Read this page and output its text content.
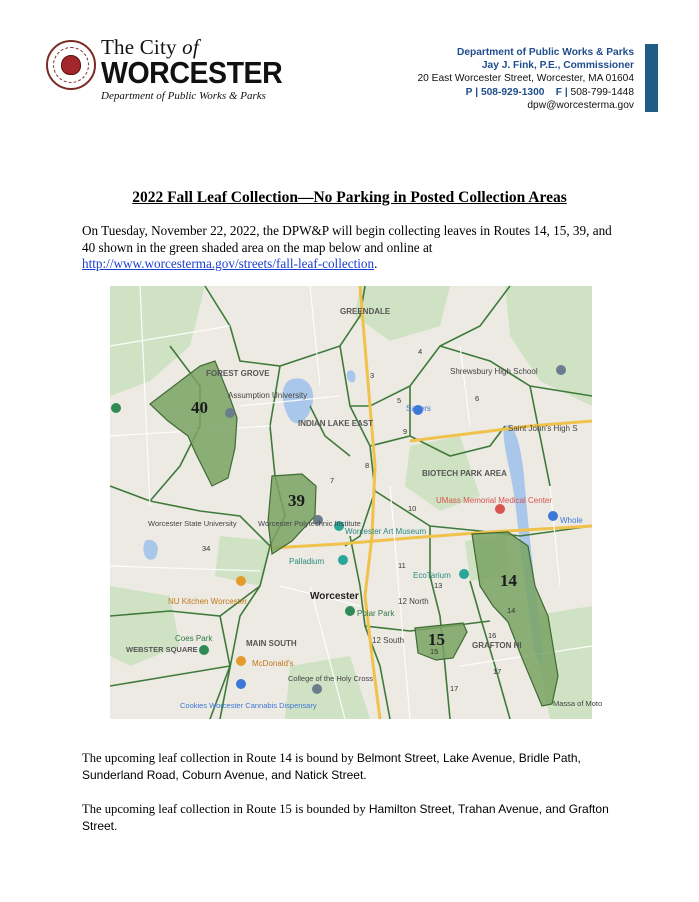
The City of
WORCESTER
Department of Public Works & Parks
Department of Public Works & Parks
Jay J. Fink, P.E., Commissioner
20 East Worcester Street, Worcester, MA 01604
P | 508-929-1300 F | 508-799-1448
dpw@worcesterma.gov
2022 Fall Leaf Collection—No Parking in Posted Collection Areas
On Tuesday, November 22, 2022, the DPW&P will begin collecting leaves in Routes 14, 15, 39, and 40 shown in the green shaded area on the map below and online at http://www.worcesterma.gov/streets/fall-leaf-collection.
40
39
14
15
GREENDALE
FOREST GROVE
Assumption University
INDIAN LAKE EAST
Savers
Shrewsbury High School
Saint John's High S
BIOTECH PARK AREA
UMass Memorial Medical Center
Whole
Worcester Polytechnic Institute
Worcester State University
Worcester Art Museum
Palladium
EcoTarium
Worcester
NU Kitchen Worcester
Polar Park
12 North
12 South
Coes Park
MAIN SOUTH
WEBSTER SQUARE
McDonald's
GRAFTON HI
College of the Holy Cross
Cookies Worcester Cannabis Dispensary	Massa of Moto
3
4
5	6
7
8
9
10
11
13
16
17
34
14
15
17
The upcoming leaf collection in Route 14 is bound by Belmont Street, Lake Avenue, Bridle Path, Sunderland Road, Coburn Avenue, and Natick Street.
The upcoming leaf collection in Route 15 is bounded by Hamilton Street, Trahan Avenue, and Grafton Street.
